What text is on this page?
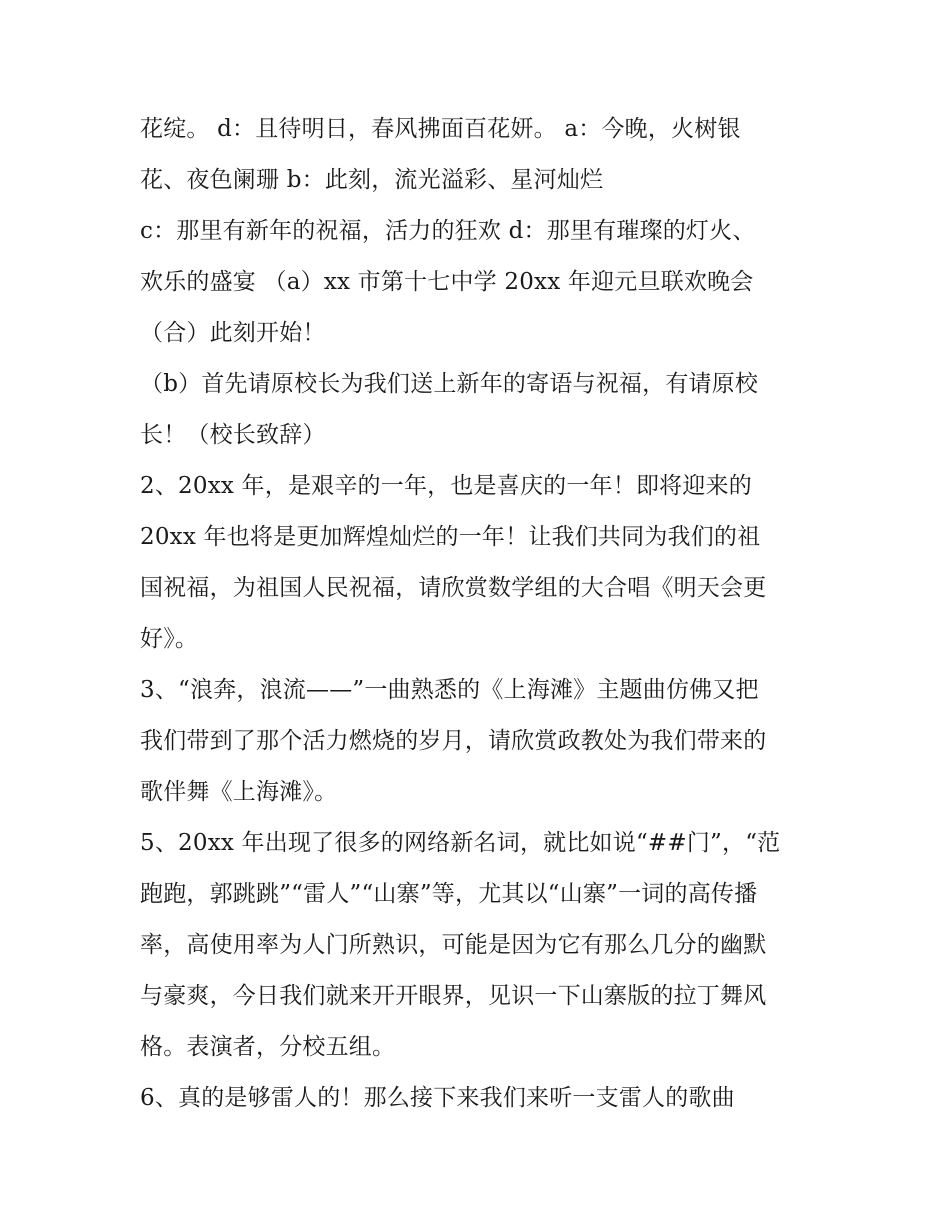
花绽。 d：且待明日，春风拂面百花妍。 a：今晚，火树银
花、夜色阑珊 b：此刻，流光溢彩、星河灿烂
c：那里有新年的祝福，活力的狂欢 d：那里有璀璨的灯火、
欢乐的盛宴 （a）xx 市第十七中学 20xx 年迎元旦联欢晚会
（合）此刻开始！
（b）首先请原校长为我们送上新年的寄语与祝福，有请原校
长！（校长致辞）
2、20xx 年，是艰辛的一年，也是喜庆的一年！即将迎来的
20xx 年也将是更加辉煌灿烂的一年！让我们共同为我们的祖
国祝福，为祖国人民祝福，请欣赏数学组的大合唱《明天会更
好》。
3、“浪奔，浪流——”一曲熟悉的《上海滩》主题曲仿佛又把
我们带到了那个活力燃烧的岁月，请欣赏政教处为我们带来的
歌伴舞《上海滩》。
5、20xx 年出现了很多的网络新名词，就比如说“##门”，“范
跑跑，郭跳跳”“雷人”“山寨”等，尤其以“山寨”一词的高传播
率，高使用率为人门所熟识，可能是因为它有那么几分的幽默
与豪爽，今日我们就来开开眼界，见识一下山寨版的拉丁舞风
格。表演者，分校五组。
6、真的是够雷人的！那么接下来我们来听一支雷人的歌曲
